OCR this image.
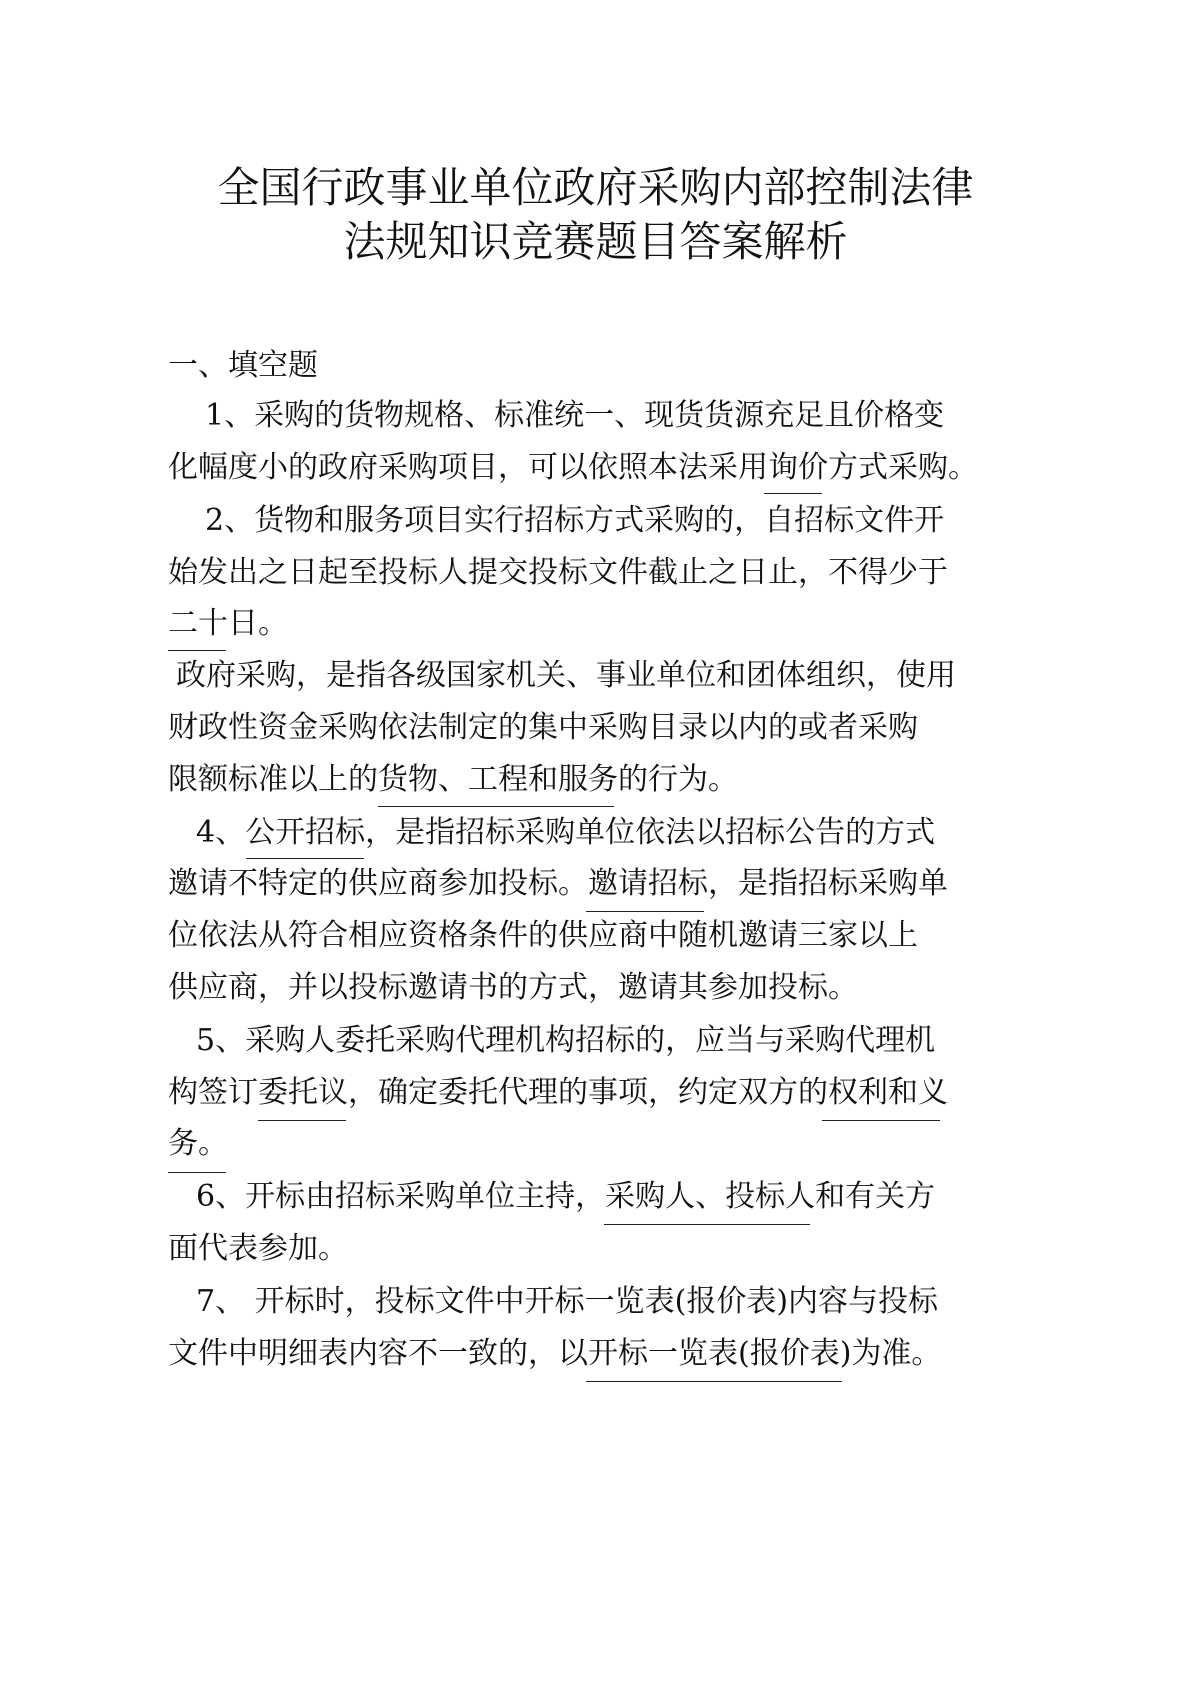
全国行政事业单位政府采购内部控制法律
法规知识竞赛题目答案解析
一、填空题
1、采购的货物规格、标准统一、现货货源充足且价格变
化幅度小的政府采购项目，可以依照本法采用询价方式采购。
2、货物和服务项目实行招标方式采购的，自招标文件开
始发出之日起至投标人提交投标文件截止之日止，不得少于
二十日。
政府采购，是指各级国家机关、事业单位和团体组织，使用
财政性资金采购依法制定的集中采购目录以内的或者采购
限额标准以上的货物、工程和服务的行为。
4、公开招标，是指招标采购单位依法以招标公告的方式
邀请不特定的供应商参加投标。邀请招标，是指招标采购单
位依法从符合相应资格条件的供应商中随机邀请三家以上
供应商，并以投标邀请书的方式，邀请其参加投标。
5、采购人委托采购代理机构招标的，应当与采购代理机
构签订委托议，确定委托代理的事项，约定双方的权利和义
务。
6、开标由招标采购单位主持，采购人、投标人和有关方
面代表参加。
7、 开标时，投标文件中开标一览表(报价表)内容与投标
文件中明细表内容不一致的，以开标一览表(报价表)为准。
